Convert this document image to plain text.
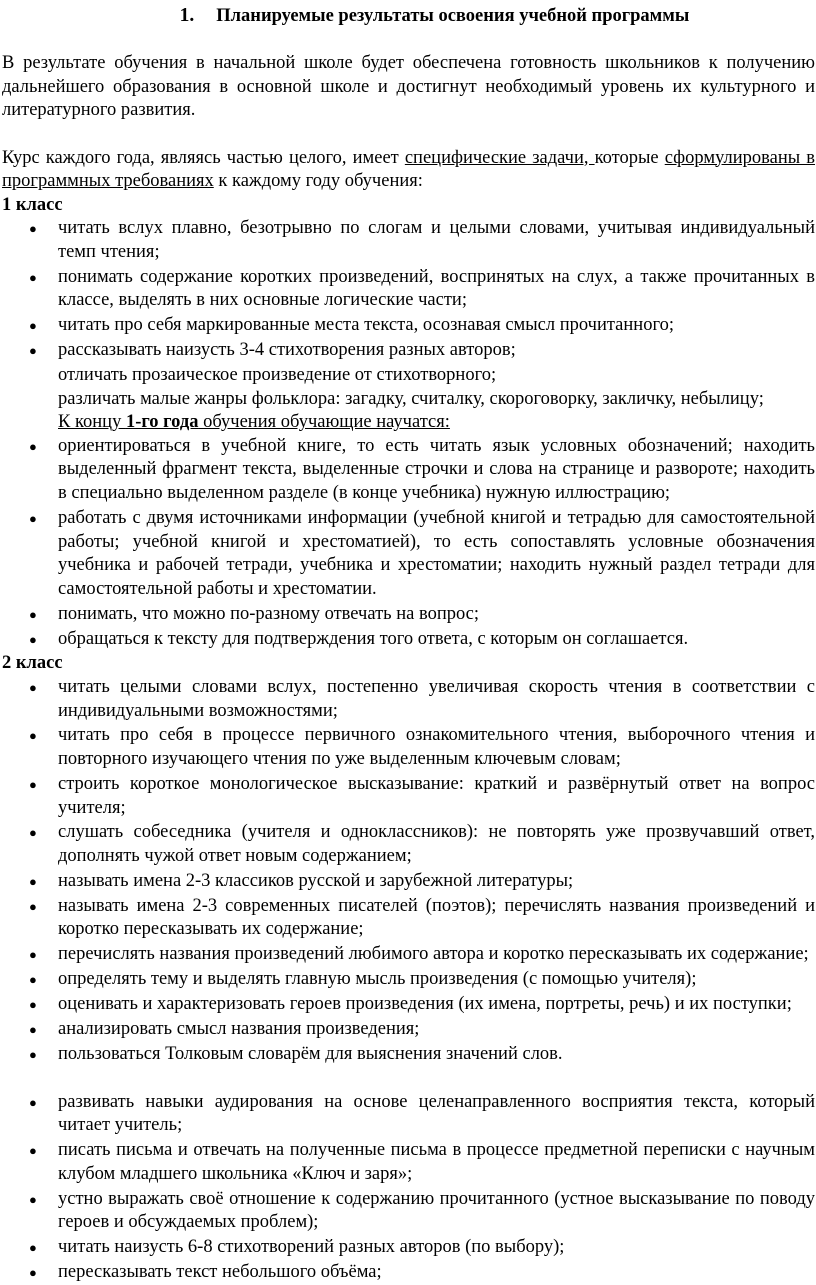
1. Планируемые результаты освоения учебной программы

В результате обучения в начальной школе будет обеспечена готовность школьников к получению дальнейшего образования в основной школе и достигнут необходимый уровень их культурного и литературного развития.

Курс каждого года, являясь частью целого, имеет специфические задачи, которые сформулированы в программных требованиях к каждому году обучения:

1 класс

● читать вслух плавно, безотрывно по слогам и целыми словами, учитывая индивидуальный темп чтения;
● понимать содержание коротких произведений, воспринятых на слух, а также прочитанных в классе, выделять в них основные логические части;
● читать про себя маркированные места текста, осознавая смысл прочитанного;
● рассказывать наизусть 3-4 стихотворения разных авторов;

отличать прозаическое произведение от стихотворного;

различать малые жанры фольклора: загадку, считалку, скороговорку, закличку, небылицу;

К концу 1-го года обучения обучающие научатся:

● ориентироваться в учебной книге, то есть читать язык условных обозначений; находить выделенный фрагмент текста, выделенные строчки и слова на странице и развороте; находить в специально выделенном разделе (в конце учебника) нужную иллюстрацию;
● работать с двумя источниками информации (учебной книгой и тетрадью для самостоятельной работы; учебной книгой и хрестоматией), то есть сопоставлять условные обозначения учебника и рабочей тетради, учебника и хрестоматии; находить нужный раздел тетради для самостоятельной работы и хрестоматии.
● понимать, что можно по-разному отвечать на вопрос;
● обращаться к тексту для подтверждения того ответа, с которым он соглашается.

2 класс

● читать целыми словами вслух, постепенно увеличивая скорость чтения в соответствии с индивидуальными возможностями;
● читать про себя в процессе первичного ознакомительного чтения, выборочного чтения и повторного изучающего чтения по уже выделенным ключевым словам;
● строить короткое монологическое высказывание: краткий и развёрнутый ответ на вопрос учителя;
● слушать собеседника (учителя и одноклассников): не повторять уже прозвучавший ответ, дополнять чужой ответ новым содержанием;
● называть имена 2-3 классиков русской и зарубежной литературы;
● называть имена 2-3 современных писателей (поэтов); перечислять названия произведений и коротко пересказывать их содержание;
● перечислять названия произведений любимого автора и коротко пересказывать их содержание;
● определять тему и выделять главную мысль произведения (с помощью учителя);
● оценивать и характеризовать героев произведения (их имена, портреты, речь) и их поступки;
● анализировать смысл названия произведения;
● пользоваться Толковым словарём для выяснения значений слов.
● развивать навыки аудирования на основе целенаправленного восприятия текста, который читает учитель;
● писать письма и отвечать на полученные письма в процессе предметной переписки с научным клубом младшего школьника «Ключ и заря»;
● устно выражать своё отношение к содержанию прочитанного (устное высказывание по поводу героев и обсуждаемых проблем);
● читать наизусть 6-8 стихотворений разных авторов (по выбору);
● пересказывать текст небольшого объёма;
